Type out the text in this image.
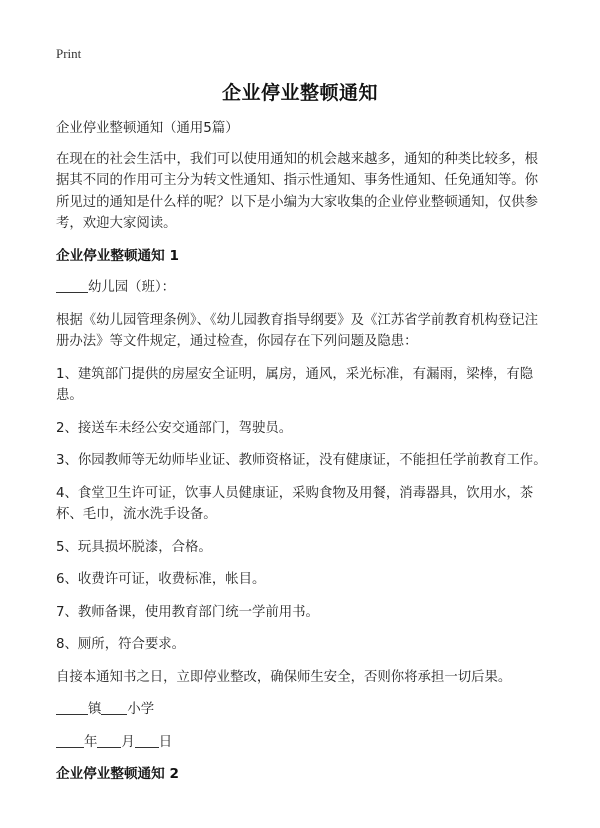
Print
企业停业整顿通知

企业停业整顿通知（通用5篇）

在现在的社会生活中，我们可以使用通知的机会越来越多，通知的种类比较多，根据其不同的作用可主分为转文性通知、指示性通知、事务性通知、任免通知等。你所见过的通知是什么样的呢？以下是小编为大家收集的企业停业整顿通知，仅供参考，欢迎大家阅读。

企业停业整顿通知 1

幼儿园（班）：

根据《幼儿园管理条例》、《幼儿园教育指导纲要》及《江苏省学前教育机构登记注册办法》等文件规定，通过检查，你园存在下列问题及隐患：

1、建筑部门提供的房屋安全证明，属房，通风，采光标准，有漏雨，梁棒，有隐患。

2、接送车未经公安交通部门，驾驶员。

3、你园教师等无幼师毕业证、教师资格证，没有健康证，不能担任学前教育工作。

4、食堂卫生许可证，饮事人员健康证，采购食物及用餐，消毒器具，饮用水，茶杯、毛巾，流水洗手设备。

5、玩具损坏脱漆，合格。

6、收费许可证，收费标准，帐目。

7、教师备课，使用教育部门统一学前用书。

8、厕所，符合要求。

自接本通知书之日，立即停业整改，确保师生安全，否则你将承担一切后果。

镇 小学

年 月 日

企业停业整顿通知 2
